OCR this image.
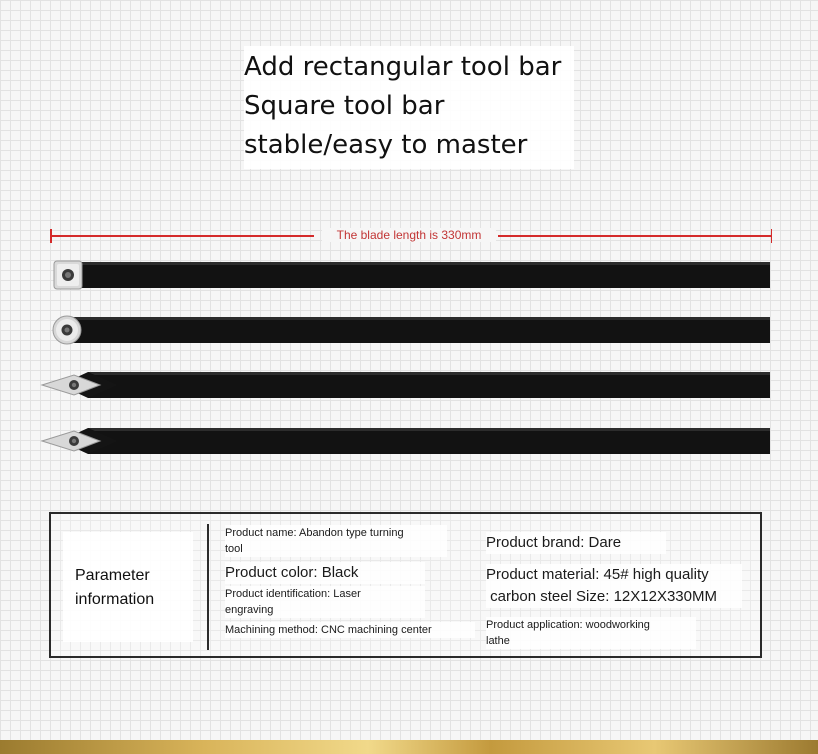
Add rectangular tool bar
Square tool bar
stable/easy to master
The blade length is 330mm
Parameter
information
Product name: Abandon type turning
tool
Product color: Black
Product identification: Laser
engraving
Machining method: CNC machining center
Product brand: Dare
Product material: 45# high quality
carbon steel Size: 12X12X330MM
Product application: woodworking
lathe
